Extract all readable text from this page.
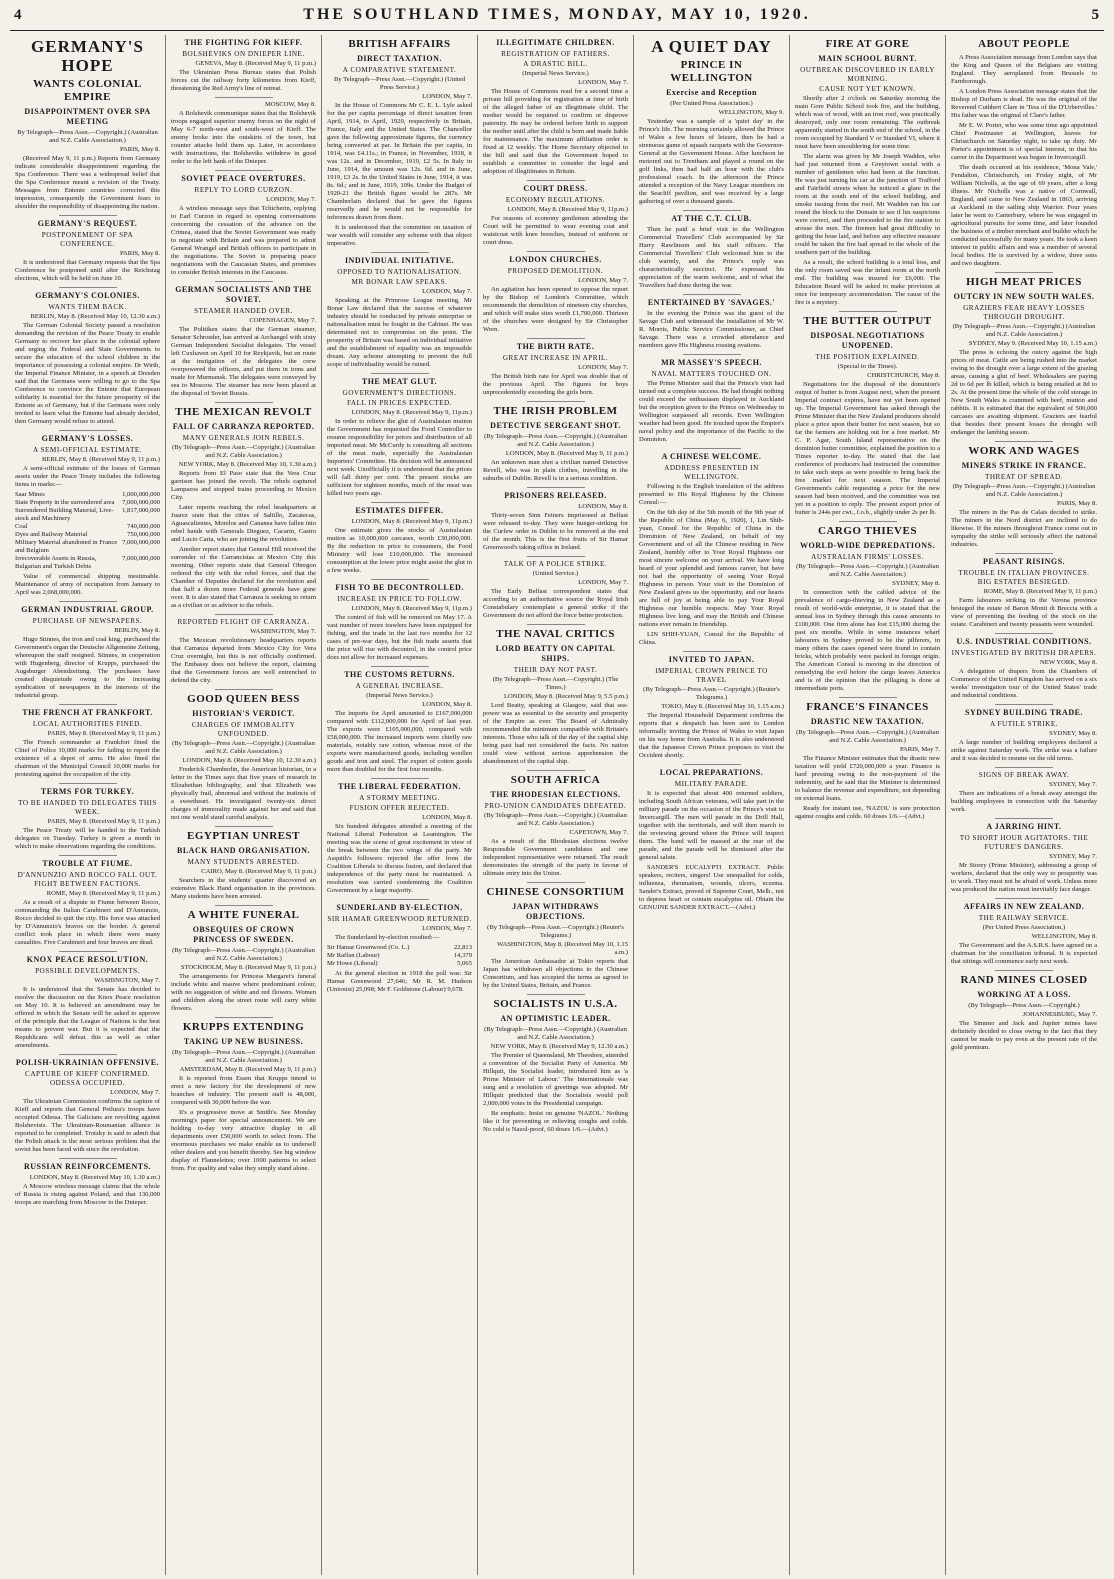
4	THE SOUTHLAND TIMES, MONDAY, MAY 10, 1920.	5
GERMANY'S HOPE
WANTS COLONIAL EMPIRE
DISAPPOINTMENT OVER SPA MEETING
By Telegraph—Press Assn.—Copyright.) (Australian and N.Z. Cable Association.)
PARIS, May 8.

(Received May 9, 11 p.m.) Reports from Germany indicate considerable disappointment regarding the Spa Conference. There was a widespread belief that the Spa Conference meant a revision of the Treaty. Messages from Entente countries corrected this impression, consequently the Government fears to shoulder the responsibility of disappointing the nation.

GERMANY'S REQUEST.
POSTPONEMENT OF SPA CONFERENCE.
PARIS, May 8.

It is understood that Germany requests that the Spa Conference be postponed until after the Reichstag elections, which will be held on June 10.

GERMANY'S COLONIES.
WANTS THEM BACK.
BERLIN, May 8. (Received May 10, 12.30 a.m.)

The German Colonial Society passed a resolution demanding the revision of the Peace Treaty to enable Germany to recover her place in the colonial sphere and urging the Federal and State Governments to secure the education of the school children in the importance of possessing a colonial empire. Dr Wirth, the Imperial Finance Minister, in a speech at Dresden said that the Germans were willing to go to the Spa Conference to convince the Entente that European solidarity is essential for the future prosperity of the Entente as of Germany, but if the Germans were only invited to learn what the Entente had already decided, then Germany would refuse to attend.

GERMANY'S LOSSES.
A SEMI-OFFICIAL ESTIMATE.
BERLIN, May 8. (Received May 9, 11 p.m.)

A semi-official estimate of the losses of German assets under the Peace Treaty includes the following items in marks:—

Saar Mines	1,000,000,000
State Property in the surrendered area	7,000,000,000
Surrendered Building Material, Live-stock and Machinery	1,817,000,000
Coal	740,000,000
Dyes and Railway Material	750,000,000
Military Material abandoned in France and Belgium	7,000,000,000
Irrecoverable Assets in Russia, Bulgarian and Turkish Debts	7,000,000,000

Value of commercial shipping inestimable. Maintenance of army of occupation from January to April was 2,068,000,000.

GERMAN INDUSTRIAL GROUP.
PURCHASE OF NEWSPAPERS.
BERLIN, May 8.

Hugo Stinnes, the iron and coal king, purchased the Government's organ the Deutsche Allgemeine Zeitung, whereupon the staff resigned. Stinnes, in cooperation with Hugenberg, director of Krupps, purchased the Augsburger Abendzeitung. The purchases have created disquietude owing to the increasing syndication of newspapers in the interests of the industrial group.

THE FRENCH AT FRANKFORT.
LOCAL AUTHORITIES FINED.
PARIS, May 8. (Received May 9, 11 p.m.)

The French commander at Frankfort fined the Chief of Police 10,000 marks for failing to report the existence of a depot of arms. He also fined the chairman of the Municipal Council 10,000 marks for protesting against the occupation of the city.

TERMS FOR TURKEY.
TO BE HANDED TO DELEGATES THIS WEEK.
PARIS, May 8. (Received May 9, 11 p.m.)

The Peace Treaty will be handed to the Turkish delegates on Tuesday. Turkey is given a month in which to make observations regarding the conditions.

TROUBLE AT FIUME.
D'ANNUNZIO AND ROCCO FALL OUT. FIGHT BETWEEN FACTIONS.
ROME, May 8. (Received May 9, 11 p.m.)

As a result of a dispute in Fiume between Rocco, commanding the Italian Carabineri and D'Annunzio, Rocco decided to quit the city. His force was attacked by D'Annunzio's bravos on the border. A general conflict took place in which there were many casualties. Five Carabineri and four bravos are dead.

KNOX PEACE RESOLUTION.
POSSIBLE DEVELOPMENTS.
WASHINGTON, May 7.

It is understood that the Senate has decided to resolve the discussion on the Knox Peace resolution on May 10. It is believed an amendment may be offered in which the Senate will be asked to approve of the principle that the League of Nations is the best means to prevent war. But it is expected that the Republicans will defeat this as well as other amendments.

POLISH-UKRAINIAN OFFENSIVE.
CAPTURE OF KIEFF CONFIRMED. ODESSA OCCUPIED.
LONDON, May 7.

The Ukrainian Commission confirms the capture of Kieff and reports that General Petlura's troops have occupied Odessa. The Galicians are revolting against Bolshevists. The Ukrainian-Roumanian alliance is reported to be completed. Trotzky is said to admit that the Polish attack is the most serious problem that the soviet has been faced with since the revolution.

RUSSIAN REINFORCEMENTS.
LONDON, May 8. (Received May 10, 1.30 a.m.)

A Moscow wireless message claims that the whole of Russia is rising against Poland, and that 130,000 troops are marching from Moscow to the Dnieper.

THE FIGHTING FOR KIEFF.
BOLSHEVIKS ON DNIEPER LINE.
GENEVA, May 8. (Received May 9, 11 p.m.)

The Ukrainian Press Bureau states that Polish forces cut the railway forty kilometres from Kieff, threatening the Red Army's line of retreat.

MOSCOW, May 8.

A Bolshevik communique states that the Bolshevik troops engaged superior enemy forces on the night of May 6-7 north-west and south-west of Kieff. The enemy broke into the outskirts of the town, but counter attacks held them up. Later, in accordance with instructions, the Bolsheviks withdrew in good order to the left bank of the Dnieper.

SOVIET PEACE OVERTURES.
REPLY TO LORD CURZON.
LONDON, May 7.

A wireless message says that Tchicherin, replying to Earl Curzon in regard to opening conversations concerning the cessation of the advance on the Crimea, stated that the Soviet Government was ready to negotiate with Britain and was prepared to admit General Wrangel and British officers to participate in the negotiations. The Soviet is preparing peace negotiations with the Caucasian States, and promises to consider British interests in the Caucasus.

GERMAN SOCIALISTS AND THE SOVIET.
STEAMER HANDED OVER.
COPENHAGEN, May 7.

The Politiken states that the German steamer, Senator Schroeder, has arrived at Archangel with sixty German Independent Socialist delegates. The vessel left Cuxhaven on April 10 for Reykjavik, but en route at the instigation of the delegates the crew overpowered the officers, and put them in irons and made for Murmansk. The delegates were conveyed by sea to Moscow. The steamer has now been placed at the disposal of Soviet Russia.

THE MEXICAN REVOLT
FALL OF CARRANZA REPORTED.
MANY GENERALS JOIN REBELS.
(By Telegraph—Press Assn.—Copyright.) (Australian and N.Z. Cable Association.)
NEW YORK, May 8. (Received May 10, 1.30 a.m.)

Reports from El Paso state that the Vera Cruz garrison has joined the revolt. The rebels captured Lampazos and stopped trains proceeding to Mexico City.

Later reports reaching the rebel headquarters at Juarez state that the cities of Saltillo, Zacatecas, Aguascalientes, Morelos and Cananea have fallen into rebel hands with Generals Dieguez, Cacarin, Castro and Lucio Caria, who are joining the revolution.

Another report states that General Hill received the surrender of the Carrancistas at Mexico City this morning. Other reports state that General Obregon ordered the city with the rebel forces, and that the Chamber of Deputies declared for the revolution and that half a dozen more Federal generals have gone over. It is also stated that Carranza is seeking to return as a civilian or as advisor to the rebels.

REPORTED FLIGHT OF CARRANZA.
WASHINGTON, May 7.

The Mexican revolutionary headquarters reports that Carranza departed from Mexico City for Vera Cruz overnight, but this is not officially confirmed. The Embassy does not believe the report, claiming that the Government forces are well entrenched to defend the city.

GOOD QUEEN BESS
HISTORIAN'S VERDICT.
CHARGES OF IMMORALITY UNFOUNDED.
(By Telegraph—Press Assn.—Copyright.) (Australian and N.Z. Cable Association.)
LONDON, May 8. (Received May 10, 12.30 a.m.)

Frederick Chamberlin, the American historian, in a letter to the Times says that five years of research in Elizabethan bibliography, and that Elizabeth was physically frail, abnormal and without the instincts of a sweetheart. He investigated twenty-six direct charges of immorality made against her and said that not one would stand careful analysis.

EGYPTIAN UNREST
BLACK HAND ORGANISATION.
MANY STUDENTS ARRESTED.
CAIRO, May 8. (Received May 9, 11 p.m.)

Searchers in the students' quarter discovered an extensive Black Hand organisation in the provinces. Many students have been arrested.

A WHITE FUNERAL
OBSEQUIES OF CROWN PRINCESS OF SWEDEN.
(By Telegraph—Press Assn.—Copyright.) (Australian and N.Z. Cable Association.)
STOCKHOLM, May 8. (Received May 9, 11 p.m.)

The arrangements for Princess Margaret's funeral include white and mauve where predominant colour, with no suggestion of white and red flowers. Women and children along the street route will carry white flowers.

KRUPPS EXTENDING
TAKING UP NEW BUSINESS.
(By Telegraph—Press Assn.—Copyright.) (Australian and N.Z. Cable Association.)
AMSTERDAM, May 8. (Received May 9, 11 p.m.)

It is reported from Essen that Krupps intend to erect a new factory for the development of new branches of industry. The present staff is 48,000, compared with 30,000 before the war.

It's a progressive move at Smith's. See Monday morning's paper for special announcement. We are holding to-day very attractive display in all departments over £50,000 worth to select from. The enormous purchases we make enable us to undersell other dealers and you benefit thereby. See big window display of Flannelettes; over 1000 patterns to select from. For quality and value they simply stand alone.

BRITISH AFFAIRS
DIRECT TAXATION.
A COMPARATIVE STATEMENT.
By Telegraph—Press Assn.—Copyright.) (United Press Service.)
LONDON, May 7.

In the House of Commons Mr C. E. L. Lyle asked for the per capita percentage of direct taxation from April, 1914, to April, 1920, respectively in Britain, France, Italy and the United States. The Chancellor gave the following approximate figures, the currency being converted at par. In Britain the per capita, in 1914, was £4.11s.; in France, in November, 1918, it was 12s. and in December, 1919, £2 5s. In Italy in June, 1914, the amount was 12s. 6d. and in June, 1919, £3 2s. In the United States in June, 1914, it was 8s. 6d.; and in June, 1919, 109s. Under the Budget of 1920-21 the British figure would be 287s. Mr Chamberlain declared that he gave the figures reservedly and he would not be responsible for inferences drawn from them.

It is understood that the committee on taxation of war wealth will consider any scheme with that object imperative.

INDIVIDUAL INITIATIVE.
OPPOSED TO NATIONALISATION.
MR BONAR LAW SPEAKS.
LONDON, May 7.

Speaking at the Primrose League meeting, Mr Bonar Law declared that the success of whatever industry should be conducted by private enterprise or nationalisation must be fought in the Cabinet. He was determined not to compromise on the point. The prosperity of Britain was based on individual initiative and the establishment of equality was an impossible dream. Any scheme attempting to prevent the full scope of individuality would be ruined.

THE MEAT GLUT.
GOVERNMENT'S DIRECTIONS.
FALL IN PRICES EXPECTED.
LONDON, May 8. (Received May 9, 11p.m.)

In order to relieve the glut of Australasian mutton the Government has requested the Food Controller to resume responsibility for prices and distribution of all imported meat. Mr McCurdy is consulting all sections of the meat trade, especially the Australasian Importers' Committee. His decision will be announced next week. Unofficially it is understood that the prices will fall thirty per cent. The present stocks are sufficient for eighteen months, much of the meat was killed two years ago.

ESTIMATES DIFFER.
LONDON, May 8. (Received May 9, 11p.m.)

One estimate gives the stocks of Australasian mutton as 10,000,000 carcases, worth £30,000,000. By the reduction in price to consumers, the Food Ministry will lose £10,000,000. The increased consumption at the lower price might assist the glut in a few weeks.

FISH TO BE DECONTROLLED.
INCREASE IN PRICE TO FOLLOW.
LONDON, May 8. (Received May 9, 11p.m.)

The control of fish will be removed on May 17. A vast number of more trawlers have been equipped for fishing, and the trade in the last two months for 12 cases of pre-war days, but the fish trade asserts that the price will rise with decontrol, in the control price does not allow for increased expenses.

THE CUSTOMS RETURNS.
A GENERAL INCREASE.
(Imperial News Service.)
LONDON, May 8.

The imports for April amounted to £167,000,000 compared with £112,000,000 for April of last year. The exports were £105,000,000, compared with £58,000,000. The increased imports were chiefly raw materials, notably raw cotton, whereas most of the exports were manufactured goods, including woollen goods and iron and steel. The export of cotton goods more than doubled for the first four months.

THE LIBERAL FEDERATION.
A STORMY MEETING.
FUSION OFFER REJECTED.
LONDON, May 8.

Six hundred delegates attended a meeting of the National Liberal Federation at Leamington. The meeting was the scene of great excitement in view of the break between the two wings of the party. Mr Asquith's followers rejected the offer from the Coalition Liberals to discuss fusion, and declared that independence of the party must be maintained. A resolution was carried condemning the Coalition Government by a large majority.

SUNDERLAND BY-ELECTION.
SIR HAMAR GREENWOOD RETURNED.
LONDON, May 7.

The Sunderland by-election resulted:—

Sir Hamar Greenwood (Co. L.)	22,813
Mr Raffan (Labour)	14,379
Mr Howe (Liberal)	5,065

At the general election in 1918 the poll was: Sir Hamar Greenwood 27,646; Mr R. M. Hudson (Unionist) 25,098; Mr F. Goldstone (Labour) 9,678.

ILLEGITIMATE CHILDREN.
REGISTRATION OF FATHERS.
A DRASTIC BILL.
(Imperial News Service.)
LONDON, May 7.

The House of Commons read for a second time a private bill providing for registration at time of birth of the alleged father of an illegitimate child. The mother would be required to confirm or disprove paternity. He may be ordered before birth to support the mother until after the child is born and made liable for maintenance. The maximum affiliation order is fixed at 12 weekly. The Home Secretary objected to the bill and said that the Government hoped to establish a committee to consider the legal and adoption of illegitimates in Britain.

COURT DRESS.
ECONOMY REGULATIONS.
LONDON, May 8. (Received May 9, 11p.m.)

For reasons of economy gentlemen attending the Court will be permitted to wear evening coat and waistcoat with knee breeches, instead of uniform or court dress.

LONDON CHURCHES.
PROPOSED DEMOLITION.
LONDON, May 7.

An agitation has been opened to oppose the report by the Bishop of London's Committee, which recommends the demolition of nineteen city churches, and which will make sites worth £1,700,000. Thirteen of the churches were designed by Sir Christopher Wren.

THE BIRTH RATE.
GREAT INCREASE IN APRIL.
LONDON, May 7.

The British birth rate for April was double that of the previous April. The figures for boys unprecedentedly exceeding the girls born.

THE IRISH PROBLEM
DETECTIVE SERGEANT SHOT.
(By Telegraph—Press Assn.—Copyright.) (Australian and N.Z. Cable Association.)
LONDON, May 8. (Received May 9, 11 p.m.)

An unknown man shot a civilian named Detective Revell, who was in plain clothes, travelling in the suburbs of Dublin. Revell is in a serious condition.

PRISONERS RELEASED.
LONDON, May 8.

Thirty-seven Sinn Feiners imprisoned at Belfast were released to-day. They were hunger-striking for the Curfew order in Dublin to be removed at the end of the month. This is the first fruits of Sir Hamar Greenwood's taking office in Ireland.

TALK OF A POLICE STRIKE.
(United Service.)
LONDON, May 7.

The Early Belfast correspondent states that according to an authoritative source the Royal Irish Constabulary contemplate a general strike if the Government do not afford the force better protection.

THE NAVAL CRITICS
LORD BEATTY ON CAPITAL SHIPS.
THEIR DAY NOT PAST.
(By Telegraph—Press Assn.—Copyright.) (The Times.)
LONDON, May 8. (Received May 9, 5.5 p.m.)

Lord Beatty, speaking at Glasgow, said that sea-power was as essential to the security and prosperity of the Empire as ever. The Board of Admiralty recommended the minimum compatible with Britain's interests. Those who talk of the day of the capital ship being past had not considered the facts. No nation could view without serious apprehension the abandonment of the capital ship.

SOUTH AFRICA
THE RHODESIAN ELECTIONS.
PRO-UNION CANDIDATES DEFEATED.
(By Telegraph—Press Assn.—Copyright.) (Australian and N.Z. Cable Association.)
CAPETOWN, May 7.

As a result of the Rhodesian elections twelve Responsible Government candidates and one independent representative were returned. The result demonstrates the strength of the party in favour of ultimate entry into the Union.

CHINESE CONSORTIUM
JAPAN WITHDRAWS OBJECTIONS.
(By Telegraph—Press Assn.—Copyright.) (Reuter's Telegrams.)
WASHINGTON, May 8. (Received May 10, 1.15 a.m.)

The American Ambassador at Tokio reports that Japan has withdrawn all objections to the Chinese Consortium, and has accepted the terms as agreed to by the United States, Britain, and France.

SOCIALISTS IN U.S.A.
AN OPTIMISTIC LEADER.
(By Telegraph—Press Assn.—Copyright.) (Australian and N.Z. Cable Association.)
NEW YORK, May 8. (Received May 9, 12.30 a.m.)

The Premier of Queensland, Mr Theodore, attended a convention of the Socialist Party of America. Mr Hillquit, the Socialist leader, introduced him as 'a Prime Minister of Labour.' The Internationale was sung and a resolution of greetings was adopted. Mr Hillquit predicted that the Socialists would poll 2,000,000 votes in the Presidential campaign.

Be emphatic. Insist on genuine 'NAZOL.' Nothing like it for preventing or relieving coughs and colds. No cold is Nazol-proof, 60 doses 1/6.—(Advt.)

A QUIET DAY
PRINCE IN WELLINGTON
Exercise and Reception
(Per United Press Association.)
WELLINGTON, May 9.

Yesterday was a sample of a 'quiet day' in the Prince's life. The morning certainly allowed the Prince of Wales a few hours of leisure, then he had a strenuous game of squash racquets with the Governor-General at the Government House. After luncheon he motored out to Trentham and played a round on the golf links, then had half an hour with the club's professional coach. In the afternoon the Prince attended a reception of the Navy League members on the Seacliff pavilion, and was received by a large gathering of over a thousand guests.

AT THE C.T. CLUB.

Then he paid a brief visit to the Wellington Commercial Travellers' Club accompanied by Sir Harry Rawlinson and his staff officers. The Commercial Travellers' Club welcomed him to the club warmly, and the Prince's reply was characteristically succinct. He expressed his appreciation of the warm welcome, and of what the Travellers had done during the war.

ENTERTAINED BY 'SAVAGES.'

In the evening the Prince was the guest of the Savage Club and witnessed the installation of Mr W. R. Morris, Public Service Commissioner, as Chief Savage. There was a crowded attendance and members gave His Highness rousing ovations.

MR MASSEY'S SPEECH.
NAVAL MATTERS TOUCHED ON.

The Prime Minister said that the Prince's visit had turned out a complete success. He had thought nothing could exceed the enthusiasm displayed in Auckland but the reception given to the Prince on Wednesday in Wellington surpassed all records. Even Wellington weather had been good. He touched upon the Empire's naval policy and the importance of the Pacific to the Dominion.

A CHINESE WELCOME.
ADDRESS PRESENTED IN WELLINGTON.

Following is the English translation of the address presented to His Royal Highness by the Chinese Consul:—

On the 6th day of the 5th month of the 9th year of the Republic of China (May 6, 1920), I, Lin Shih-yuan, Consul for the Republic of China in the Dominion of New Zealand, on behalf of my Government and of all the Chinese residing in New Zealand, humbly offer to Your Royal Highness our most sincere welcome on your arrival. We have long heard of your splendid and famous career, but have not had the opportunity of seeing Your Royal Highness in person. Your visit to the Dominion of New Zealand gives us the opportunity, and our hearts are full of joy at being able to pay Your Royal Highness our humble respects. May Your Royal Highness live long, and may the British and Chinese nations ever remain in friendship.

LIN SHIH-YUAN, Consul for the Republic of China.

INVITED TO JAPAN.
IMPERIAL CROWN PRINCE TO TRAVEL
(By Telegraph—Press Assn.—Copyright.) (Reuter's Telegrams.)
TOKIO, May 8. (Received May 10, 1.15 a.m.)

The Imperial Household Department confirms the reports that a despatch has been sent to London informally inviting the Prince of Wales to visit Japan on his way home from Australia. It is also understood that the Japanese Crown Prince proposes to visit the Occident shortly.

LOCAL PREPARATIONS.
MILITARY PARADE.

It is expected that about 400 returned soldiers, including South African veterans, will take part in the military parade on the occasion of the Prince's visit to Invercargill. The men will parade in the Drill Hall, together with the territorials, and will then march to the reviewing ground where the Prince will inspect them. The band will be massed at the rear of the parade, and the parade will be dismissed after the general salute.

SANDER'S EUCALYPTI EXTRACT. Public speakers, reciters, singers! Use unequalled for colds, influenza, rheumatism, wounds, ulcers, eczema. Sander's Extract, proved of Supreme Court, Melb., not to depress heart or contain eucalyptus oil. Obtain the GENUINE SANDER EXTRACT.—(Advt.)

FIRE AT GORE
MAIN SCHOOL BURNT.
OUTBREAK DISCOVERED IN EARLY MORNING.
CAUSE NOT YET KNOWN.

Shortly after 2 o'clock on Saturday morning the main Gore Public School took fire, and the building, which was of wood, with an iron roof, was practically destroyed, only one room remaining. The outbreak apparently started in the south end of the school, in the room occupied by Standard V or Standard VI, where it must have been smouldering for some time.

The alarm was given by Mr Joseph Wadden, who had just returned from a Greytown social with a number of gentlemen who had been at the function. He was just turning his car at the junction of Trafford and Fairfield streets when he noticed a glare in the room at the south end of the school building, and smoke issuing from the roof. Mr Wadden ran his car round the block to the Domain to see if his suspicions were correct, and then proceeded to the fire station to arouse the men. The firemen had great difficulty in getting the hose laid, and before any effective measure could be taken the fire had spread to the whole of the southern part of the building.

As a result, the school building is a total loss, and the only room saved was the infant room at the north end. The building was insured for £6,000. The Education Board will be asked to make provision at once for temporary accommodation. The cause of the fire is a mystery.

THE BUTTER OUTPUT
DISPOSAL NEGOTIATIONS UNOPENED.
THE POSITION EXPLAINED.
(Special to the Times).
CHRISTCHURCH, May 8.

Negotiations for the disposal of the dominion's output of butter is from August next, when the present Imperial contract expires, have not yet been opened up. The Imperial Government has asked through the Prime Minister that the New Zealand producers should place a price upon their butter for next season, but so far the farmers are holding out for a free market. Mr C. P. Agar, South Island representative on the dominion butter committee, explained the position to a Times reporter to-day. He stated that the last conference of producers had instructed the committee to take such steps as were possible to bring back the free market for next season. The Imperial Government's cable requesting a price for the new season had been received, and the committee was not yet in a position to reply. The present export price of butter is 244s per cwt., f.o.b., slightly under 2s per lb.

CARGO THIEVES
WORLD-WIDE DEPREDATIONS.
AUSTRALIAN FIRMS' LOSSES.
(By Telegraph—Press Assn.—Copyright.) (Australian and N.Z. Cable Association.)
SYDNEY, May 8.

In connection with the cabled advice of the prevalence of cargo-thieving in New Zealand as a result of world-wide enterprise, it is stated that the annual loss in Sydney through this cause amounts to £100,000. One firm alone has lost £15,000 during the past six months. While in some instances wharf labourers in Sydney proved to be the pilferers, in many others the cases opened were found to contain bricks, which probably were packed in foreign origin. The American Consul is moving in the direction of remedying the evil before the cargo leaves America and is of the opinion that the pillaging is done at intermediate ports.

FRANCE'S FINANCES
DRASTIC NEW TAXATION.
(By Telegraph—Press Assn.—Copyright.) (Australian and N.Z. Cable Association.)
PARIS, May 7.

The Finance Minister estimates that the drastic new taxation will yield £720,000,000 a year. Finance is hard pressing owing to the non-payment of the indemnity, and he said that the Minister is determined to balance the revenue and expenditure, not depending on external loans.

Ready for instant use, 'NAZOL' is sure protection against coughs and colds. 60 doses 1/6.—(Advt.)

ABOUT PEOPLE

A Press Association message from London says that the King and Queen of the Belgians are visiting England. They aeroplaned from Brussels to Farnborough.

A London Press Association message states that the Bishop of Durham is dead. He was the original of the Reverend Cuthbert Clare in 'Tess of the D'Urbervilles.' His father was the original of Clare's father.

Mr E. W. Porter, who was some time ago appointed Chief Postmaster at Wellington, leaves for Christchurch on Saturday night, to take up duty. Mr Porter's appointment is of special interest, in that his career in the Department was begun in Invercargill.

The death occurred at his residence, 'Mona Vale,' Fendalton, Christchurch, on Friday night, of Mr William Nicholls, at the age of 69 years, after a long illness. Mr Nicholls was a native of Cornwall, England, and came to New Zealand in 1863, arriving at Auckland in the sailing ship Warrior. Four years later he went to Canterbury, where he was engaged in agricultural pursuits for some time, and later founded the business of a timber merchant and builder which he conducted successfully for many years. He took a keen interest in public affairs and was a member of several local bodies. He is survived by a widow, three sons and two daughters.

HIGH MEAT PRICES
OUTCRY IN NEW SOUTH WALES.
GRAZIERS FEAR HEAVY LOSSES THROUGH DROUGHT.
(By Telegraph—Press Assn.—Copyright.) (Australian and N.Z. Cable Association.)
SYDNEY, May 9. (Received May 10, 1.15 a.m.)

The press is echoing the outcry against the high prices of meat. Cattle are being rushed into the market owing to the drought over a large extent of the grazing areas, causing a glut of beef. Wholesalers are paying 2d to 6d per lb killed, which is being retailed at 8d to 2s. At the present time the whole of the cold storage in New South Wales is crammed with beef, mutton and rabbits. It is estimated that the equivalent of 500,000 carcases are awaiting shipment. Graziers are fearful that besides their present losses the drought will endanger the lambing season.

WORK AND WAGES
MINERS STRIKE IN FRANCE.
THREAT OF SPREAD.
(By Telegraph—Press Assn.—Copyright.) (Australian and N.Z. Cable Association.)
PARIS, May 8.

The miners in the Pas de Calais decided to strike. The miners in the Nord district are inclined to do likewise. If the miners throughout France come out in sympathy the strike will seriously affect the national industries.

PEASANT RISINGS.
TROUBLE IN ITALIAN PROVINCES. BIG ESTATES BESIEGED.
ROME, May 8. (Received May 9, 11 p.m.)

Farm labourers striking in the Verona province besieged the estate of Baron Monti di Breccia with a view of preventing the feeding of the stock on the estate. Carabineri and twenty peasants were wounded.

U.S. INDUSTRIAL CONDITIONS.
INVESTIGATED BY BRITISH DRAPERS.
NEW YORK, May 8.

A delegation of drapers from the Chambers of Commerce of the United Kingdom has arrived on a six weeks' investigation tour of the United States' trade and industrial conditions.

SYDNEY BUILDING TRADE.
A FUTILE STRIKE.
SYDNEY, May 8.

A large number of building employees declared a strike against Saturday work. The strike was a failure and it was decided to resume on the old terms.

SIGNS OF BREAK AWAY.
SYDNEY, May 7.

There are indications of a break away amongst the building employees in connection with the Saturday work.

A JARRING HINT.
TO SHORT HOUR AGITATORS. THE FUTURE'S DANGERS.
SYDNEY, May 7.

Mr Storey (Prime Minister), addressing a group of workers, declared that the only way to prosperity was to work. They must not be afraid of work. Unless more was produced the nation must inevitably face danger.

AFFAIRS IN NEW ZEALAND.
THE RAILWAY SERVICE.
(Per United Press Association.)
WELLINGTON, May 8.

The Government and the A.S.R.S. have agreed on a chairman for the conciliation tribunal. It is expected that sittings will commence early next week.

RAND MINES CLOSED
WORKING AT A LOSS.
(By Telegraph—Press Assn.—Copyright.)
JOHANNESBURG, May 7.

The Simmer and Jack and Jupiter mines have definitely decided to close owing to the fact that they cannot be made to pay even at the present rate of the gold premium.
